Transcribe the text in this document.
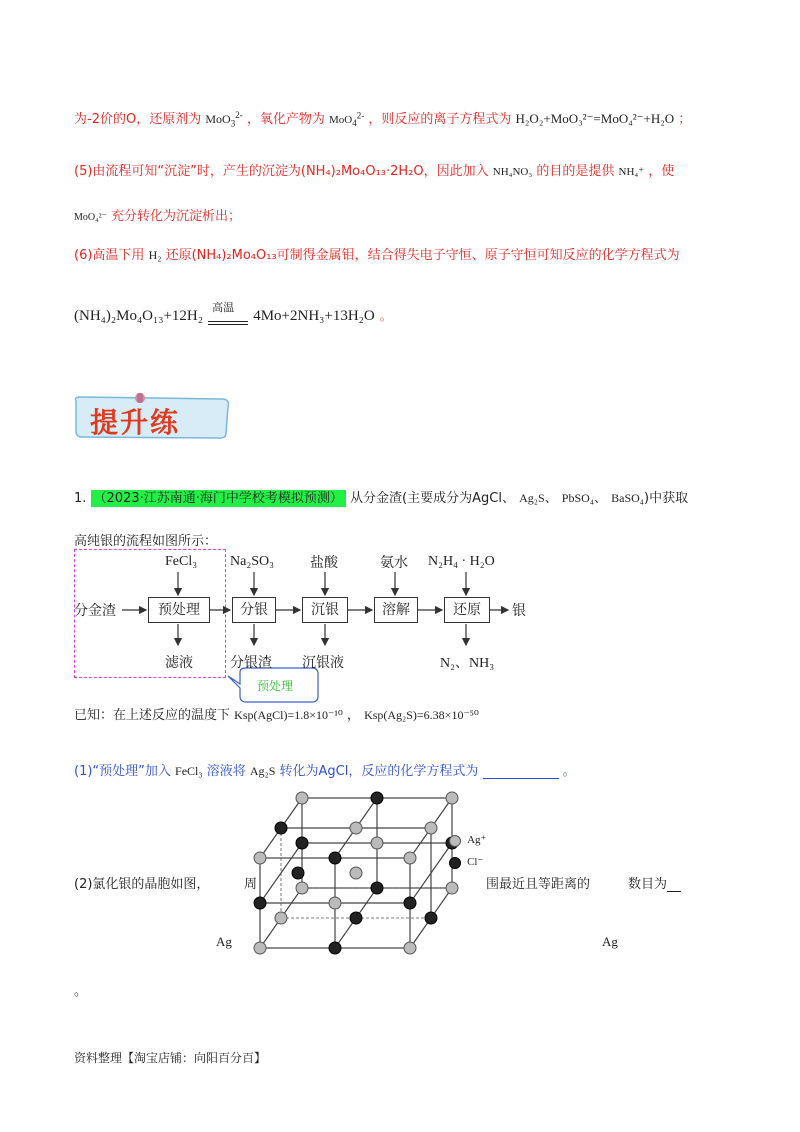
为-2价的O，还原剂为 MoO$_3^{2-}$ ，氧化产物为 MoO$_4^{2-}$ ，则反应的离子方程式为 H₂O₂+MoO₃²⁻=MoO₄²⁻+H₂O ；
(5)由流程可知“沉淀”时，产生的沉淀为(NH₄)₂Mo₄O₁₃·2H₂O，因此加入 NH₄NO₃ 的目的是提供 NH₄⁺ ，使
MoO₄²⁻ 充分转化为沉淀析出；
(6)高温下用 H₂ 还原(NH₄)₂Mo₄O₁₃可制得金属钼，结合得失电子守恒、原子守恒可知反应的化学方程式为
(NH₄)₂Mo₄O₁₃+12H₂
高温
4Mo+2NH₃+13H₂O 。
提升练
1. （2023·江苏南通·海门中学校考模拟预测） 从分金渣(主要成分为AgCl、 Ag₂S、 PbSO₄、 BaSO₄)中获取
高纯银的流程如图所示：
分金渣	预处理	分银	沉银	溶解	还原	银
FeCl₃ Na₂SO₃	盐酸	氨水 N₂H₄ · H₂O
滤液	分银渣 沉银液	N₂、NH₃
预处理
已知：在上述反应的温度下 Ksp(AgCl)=1.8×10⁻¹⁰ ， Ksp(Ag₂S)=6.38×10⁻⁵⁰
(1)“预处理”加入 FeCl₃ 溶液将 Ag₂S 转化为AgCl，反应的化学方程式为	。
$^{Ag^+}$
$^{Cl^-}$
(2)氯化银的晶胞如图，	周	围最近且等距离的	数目为
Ag	Ag
。
资料整理【淘宝店铺：向阳百分百】
